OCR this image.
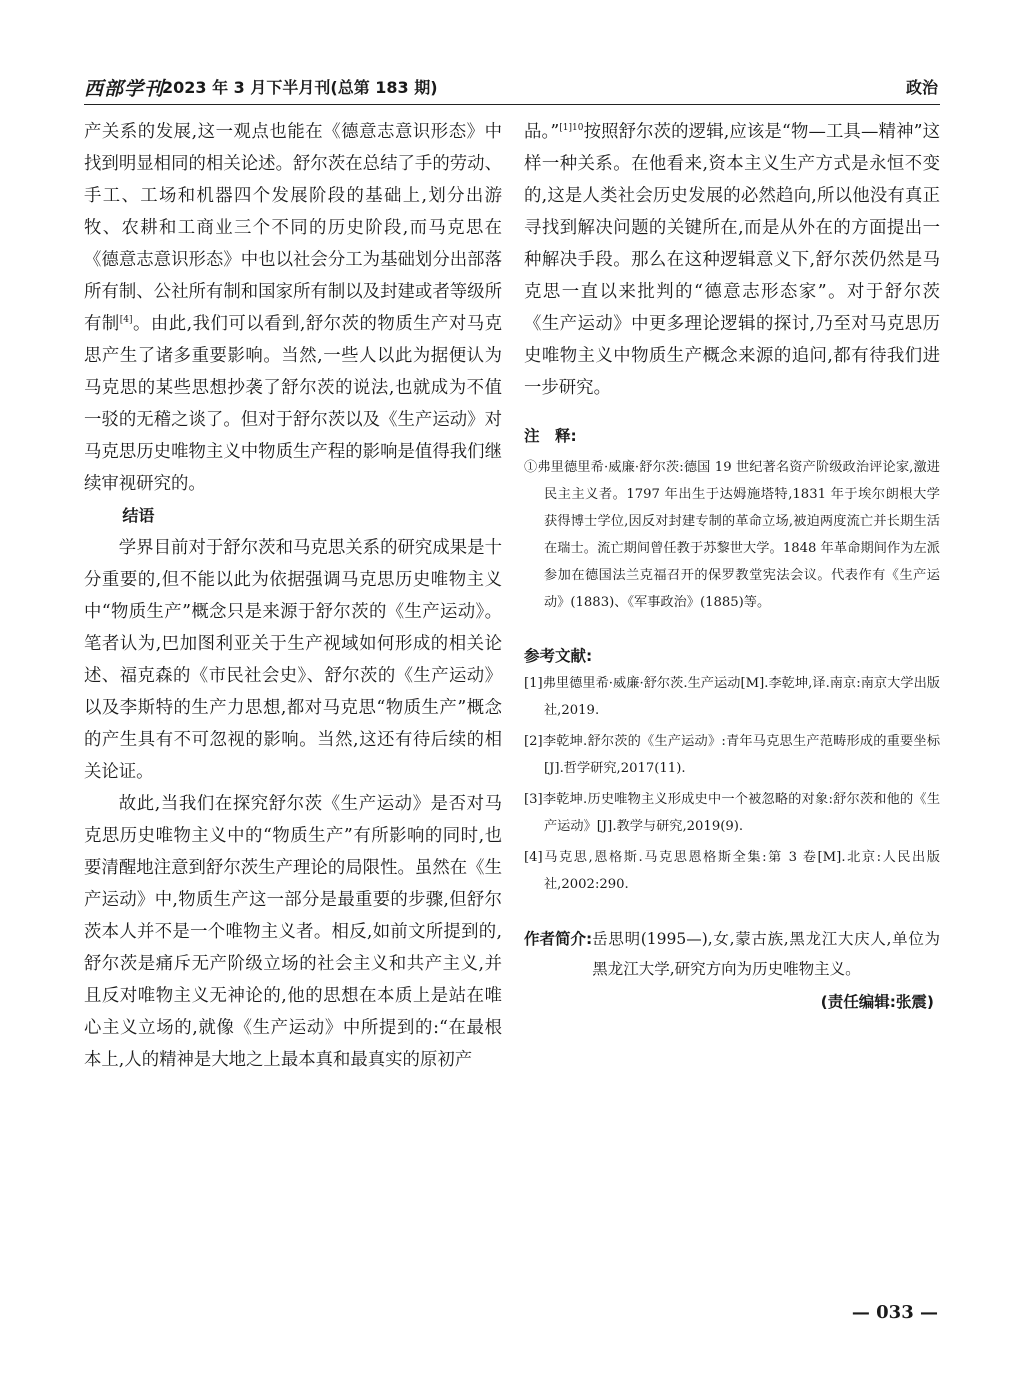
西部学刊
2023 年 3 月下半月刊(总第 183 期)	政治

产关系的发展,这一观点也能在《德意志意识形态》中找到明显相同的相关论述。舒尔茨在总结了手的劳动、手工、工场和机器四个发展阶段的基础上,划分出游牧、农耕和工商业三个不同的历史阶段,而马克思在《德意志意识形态》中也以社会分工为基础划分出部落所有制、公社所有制和国家所有制以及封建或者等级所有制[4]。由此,我们可以看到,舒尔茨的物质生产对马克思产生了诸多重要影响。当然,一些人以此为据便认为马克思的某些思想抄袭了舒尔茨的说法,也就成为不值一驳的无稽之谈了。但对于舒尔茨以及《生产运动》对马克思历史唯物主义中物质生产程的影响是值得我们继续审视研究的。

结语

学界目前对于舒尔茨和马克思关系的研究成果是十分重要的,但不能以此为依据强调马克思历史唯物主义中“物质生产”概念只是来源于舒尔茨的《生产运动》。笔者认为,巴加图利亚关于生产视域如何形成的相关论述、福克森的《市民社会史》、舒尔茨的《生产运动》以及李斯特的生产力思想,都对马克思“物质生产”概念的产生具有不可忽视的影响。当然,这还有待后续的相关论证。

故此,当我们在探究舒尔茨《生产运动》是否对马克思历史唯物主义中的“物质生产”有所影响的同时,也要清醒地注意到舒尔茨生产理论的局限性。虽然在《生产运动》中,物质生产这一部分是最重要的步骤,但舒尔茨本人并不是一个唯物主义者。相反,如前文所提到的,舒尔茨是痛斥无产阶级立场的社会主义和共产主义,并且反对唯物主义无神论的,他的思想在本质上是站在唯心主义立场的,就像《生产运动》中所提到的:“在最根本上,人的精神是大地之上最本真和最真实的原初产

品。”$^{[1]10}$按照舒尔茨的逻辑,应该是“物—工具—精神”这样一种关系。在他看来,资本主义生产方式是永恒不变的,这是人类社会历史发展的必然趋向,所以他没有真正寻找到解决问题的关键所在,而是从外在的方面提出一种解决手段。那么在这种逻辑意义下,舒尔茨仍然是马克思一直以来批判的“德意志形态家”。对于舒尔茨《生产运动》中更多理论逻辑的探讨,乃至对马克思历史唯物主义中物质生产概念来源的追问,都有待我们进一步研究。

注　释:

①弗里德里希·威廉·舒尔茨:德国 19 世纪著名资产阶级政治评论家,激进民主主义者。1797 年出生于达姆施塔特,1831 年于埃尔朗根大学获得博士学位,因反对封建专制的革命立场,被迫两度流亡并长期生活在瑞士。流亡期间曾任教于苏黎世大学。1848 年革命期间作为左派参加在德国法兰克福召开的保罗教堂宪法会议。代表作有《生产运动》(1883)、《军事政治》(1885)等。

参考文献:

[1]弗里德里希·威廉·舒尔茨.生产运动[M].李乾坤,译.南京:南京大学出版社,2019.

[2]李乾坤.舒尔茨的《生产运动》:青年马克思生产范畴形成的重要坐标[J].哲学研究,2017(11).

[3]李乾坤.历史唯物主义形成史中一个被忽略的对象:舒尔茨和他的《生产运动》[J].教学与研究,2019(9).

[4]马克思,恩格斯.马克思恩格斯全集:第 3 卷[M].北京:人民出版社,2002:290.

作者简介: 岳思明(1995—),女,蒙古族,黑龙江大庆人,单位为黑龙江大学,研究方向为历史唯物主义。
(责任编辑:张震)
— 033 —
